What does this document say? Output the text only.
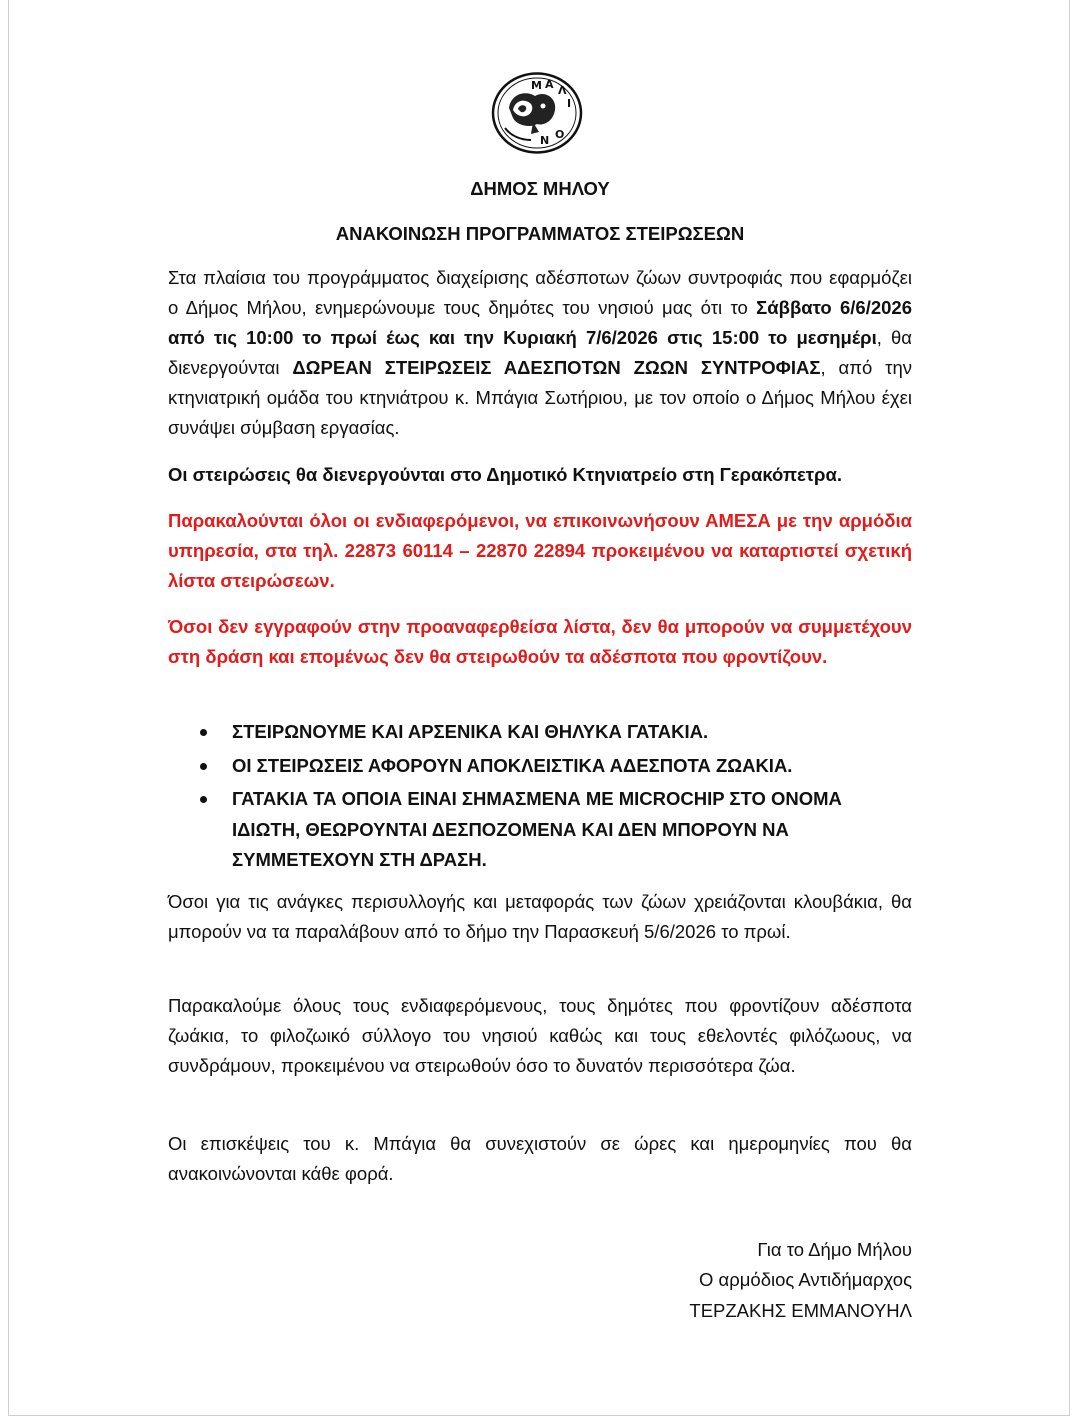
Μ Α Λ
Ι
Ο
Ν
ΔΗΜΟΣ ΜΗΛΟΥ
ΑΝΑΚΟΙΝΩΣΗ ΠΡΟΓΡΑΜΜΑΤΟΣ ΣΤΕΙΡΩΣΕΩΝ

Στα πλαίσια του προγράμματος διαχείρισης αδέσποτων ζώων συντροφιάς που εφαρμόζει ο Δήμος Μήλου, ενημερώνουμε τους δημότες του νησιού μας ότι το Σάββατο 6/6/2026 από τις 10:00 το πρωί έως και την Κυριακή 7/6/2026 στις 15:00 το μεσημέρι, θα διενεργούνται ΔΩΡΕΑΝ ΣΤΕΙΡΩΣΕΙΣ ΑΔΕΣΠΟΤΩΝ ΖΩΩΝ ΣΥΝΤΡΟΦΙΑΣ, από την κτηνιατρική ομάδα του κτηνιάτρου κ. Μπάγια Σωτήριου, με τον οποίο ο Δήμος Μήλου έχει συνάψει σύμβαση εργασίας.

Οι στειρώσεις θα διενεργούνται στο Δημοτικό Κτηνιατρείο στη Γερακόπετρα.

Παρακαλούνται όλοι οι ενδιαφερόμενοι, να επικοινωνήσουν ΑΜΕΣΑ με την αρμόδια υπηρεσία, στα τηλ. 22873 60114 – 22870 22894 προκειμένου να καταρτιστεί σχετική λίστα στειρώσεων.

Όσοι δεν εγγραφούν στην προαναφερθείσα λίστα, δεν θα μπορούν να συμμετέχουν στη δράση και επομένως δεν θα στειρωθούν τα αδέσποτα που φροντίζουν.

ΣΤΕΙΡΩΝΟΥΜΕ ΚΑΙ ΑΡΣΕΝΙΚΑ ΚΑΙ ΘΗΛΥΚΑ ΓΑΤΑΚΙΑ.
ΟΙ ΣΤΕΙΡΩΣΕΙΣ ΑΦΟΡΟΥΝ ΑΠΟΚΛΕΙΣΤΙΚΑ ΑΔΕΣΠΟΤΑ ΖΩΑΚΙΑ.
ΓΑΤΑΚΙΑ ΤΑ ΟΠΟΙΑ ΕΙΝΑΙ ΣΗΜΑΣΜΕΝΑ ΜΕ MICROCHIP ΣΤΟ ΟΝΟΜΑ ΙΔΙΩΤΗ, ΘΕΩΡΟΥΝΤΑΙ ΔΕΣΠΟΖΟΜΕΝΑ ΚΑΙ ΔΕΝ ΜΠΟΡΟΥΝ ΝΑ ΣΥΜΜΕΤΕΧΟΥΝ ΣΤΗ ΔΡΑΣΗ.

Όσοι για τις ανάγκες περισυλλογής και μεταφοράς των ζώων χρειάζονται κλουβάκια, θα μπορούν να τα παραλάβουν από το δήμο την Παρασκευή 5/6/2026 το πρωί.

Παρακαλούμε όλους τους ενδιαφερόμενους, τους δημότες που φροντίζουν αδέσποτα ζωάκια, το φιλοζωικό σύλλογο του νησιού καθώς και τους εθελοντές φιλόζωους, να συνδράμουν, προκειμένου να στειρωθούν όσο το δυνατόν περισσότερα ζώα.

Οι επισκέψεις του κ. Μπάγια θα συνεχιστούν σε ώρες και ημερομηνίες που θα ανακοινώνονται κάθε φορά.

Για το Δήμο Μήλου
Ο αρμόδιος Αντιδήμαρχος
ΤΕΡΖΑΚΗΣ ΕΜΜΑΝΟΥΗΛ
